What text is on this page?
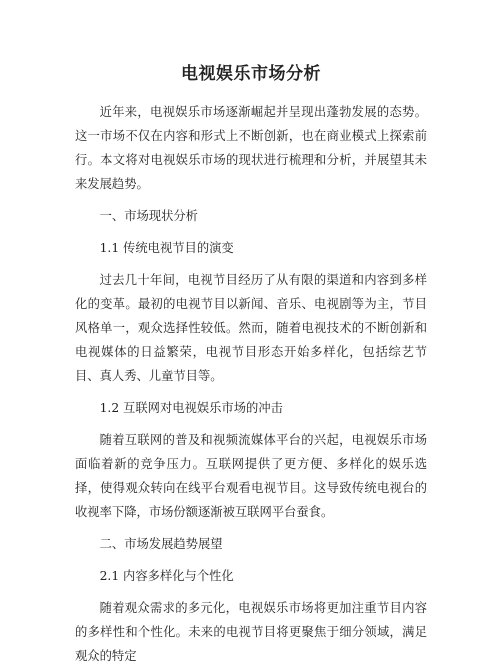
电视娱乐市场分析

近年来，电视娱乐市场逐渐崛起并呈现出蓬勃发展的态势。这一市场不仅在内容和形式上不断创新，也在商业模式上探索前行。本文将对电视娱乐市场的现状进行梳理和分析，并展望其未来发展趋势。

一、市场现状分析

1.1 传统电视节目的演变

过去几十年间，电视节目经历了从有限的渠道和内容到多样化的变革。最初的电视节目以新闻、音乐、电视剧等为主，节目风格单一，观众选择性较低。然而，随着电视技术的不断创新和电视媒体的日益繁荣，电视节目形态开始多样化，包括综艺节目、真人秀、儿童节目等。

1.2 互联网对电视娱乐市场的冲击

随着互联网的普及和视频流媒体平台的兴起，电视娱乐市场面临着新的竞争压力。互联网提供了更方便、多样化的娱乐选择，使得观众转向在线平台观看电视节目。这导致传统电视台的收视率下降，市场份额逐渐被互联网平台蚕食。

二、市场发展趋势展望

2.1 内容多样化与个性化

随着观众需求的多元化，电视娱乐市场将更加注重节目内容的多样性和个性化。未来的电视节目将更聚焦于细分领域，满足观众的特定
